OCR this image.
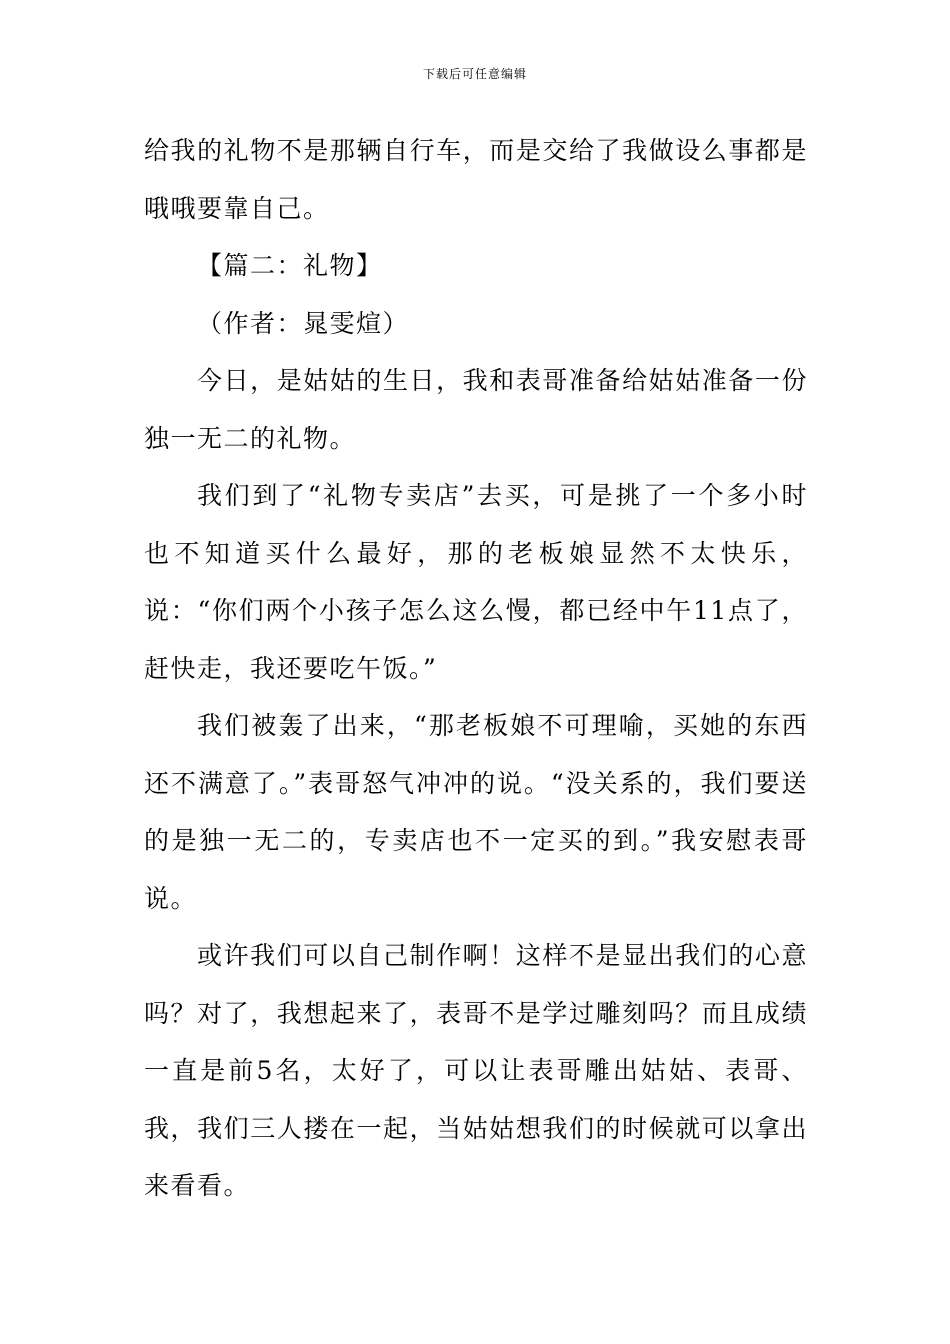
下载后可任意编辑

给我的礼物不是那辆自行车，而是交给了我做设么事都是哦哦要靠自己。

【篇二：礼物】

（作者：晁雯煊）

今日，是姑姑的生日，我和表哥准备给姑姑准备一份独一无二的礼物。

我们到了“礼物专卖店”去买，可是挑了一个多小时也不知道买什么最好，那的老板娘显然不太快乐，说：“你们两个小孩子怎么这么慢，都已经中午11点了，赶快走，我还要吃午饭。”

我们被轰了出来，“那老板娘不可理喻，买她的东西还不满意了。”表哥怒气冲冲的说。“没关系的，我们要送的是独一无二的，专卖店也不一定买的到。”我安慰表哥说。

或许我们可以自己制作啊！这样不是显出我们的心意吗？对了，我想起来了，表哥不是学过雕刻吗？而且成绩一直是前5名，太好了，可以让表哥雕出姑姑、表哥、我，我们三人搂在一起，当姑姑想我们的时候就可以拿出来看看。
